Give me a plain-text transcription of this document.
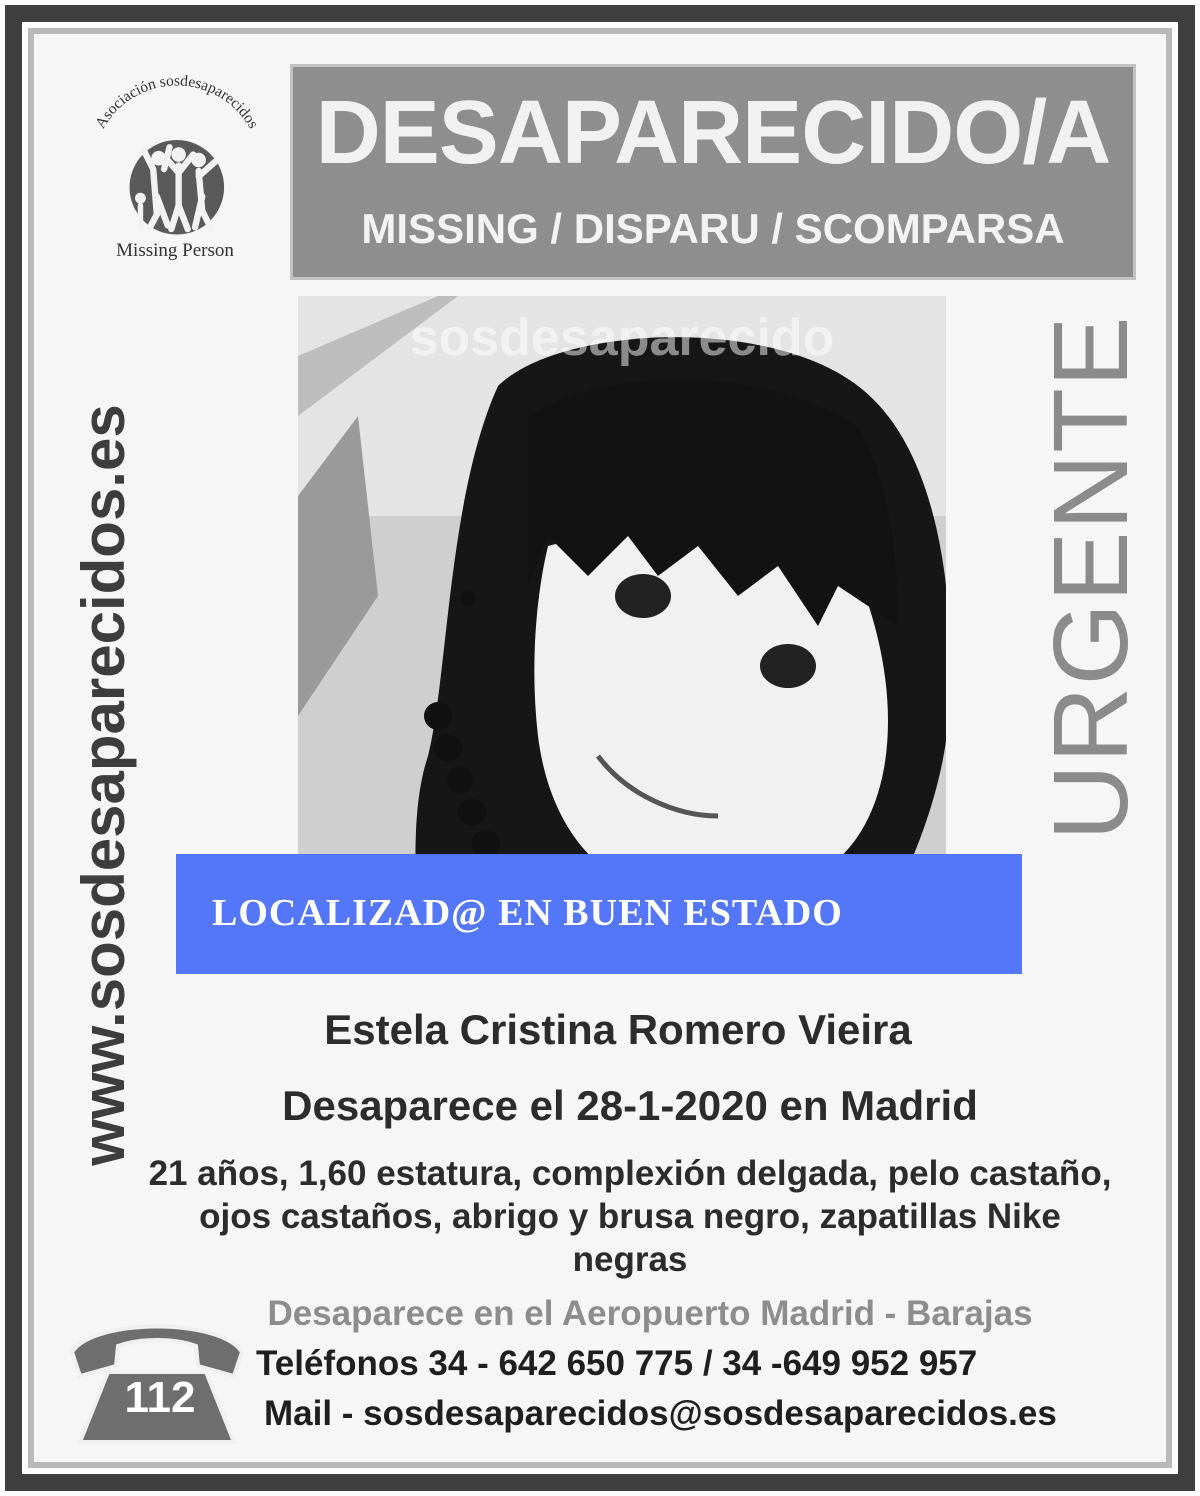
Asociación sosdesaparecidos
Missing Person
DESAPARECIDO/A
MISSING / DISPARU / SCOMPARSA
www.sosdesaparecidos.es	URGENTE
sosdesaparecido
LOCALIZAD@ EN BUEN ESTADO
Estela Cristina Romero Vieira
Desaparece el 28-1-2020 en Madrid
21 años, 1,60 estatura, complexión delgada, pelo castaño, ojos castaños, abrigo y brusa negro, zapatillas Nike negras
Desaparece en el Aeropuerto Madrid - Barajas
Teléfonos 34 - 642 650 775 / 34 -649 952 957
Mail - sosdesaparecidos@sosdesaparecidos.es
112
